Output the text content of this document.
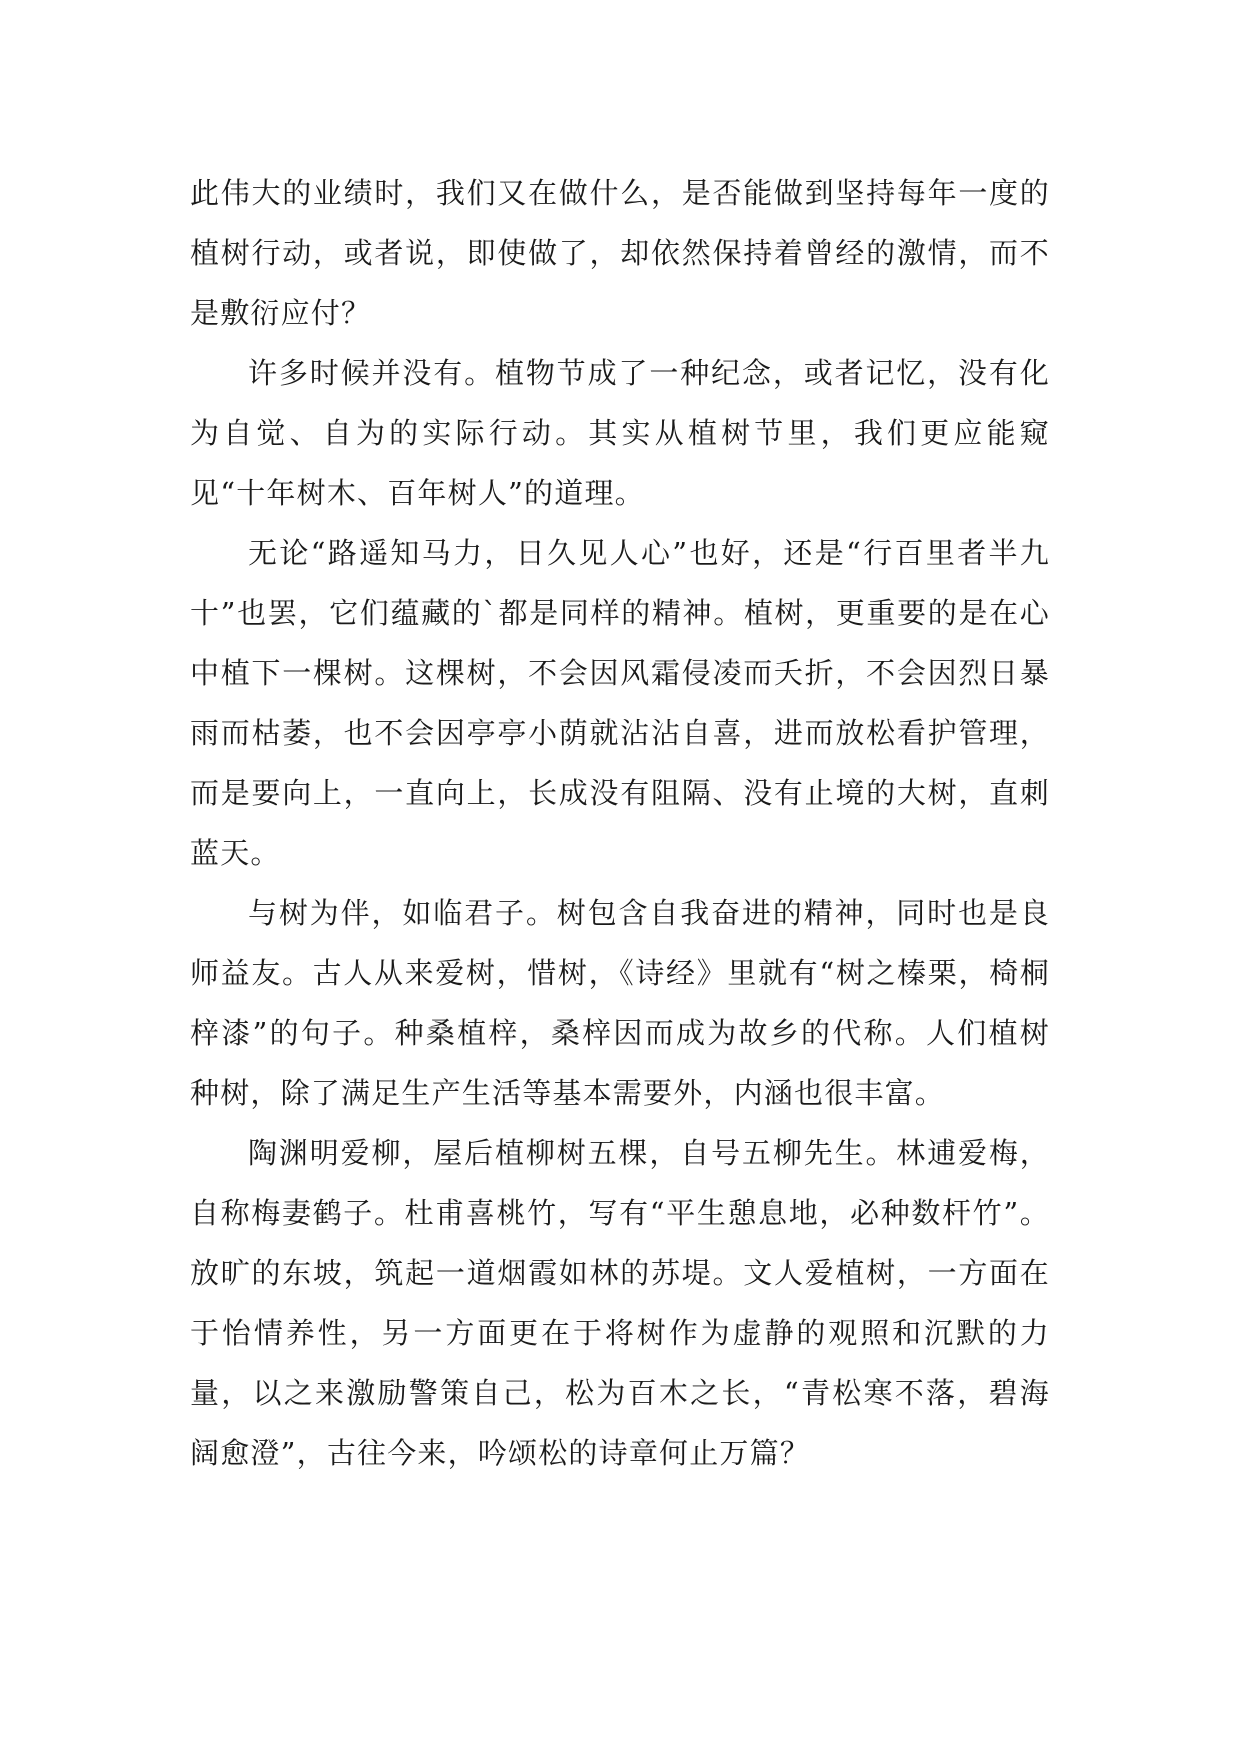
此伟大的业绩时，我们又在做什么，是否能做到坚持每年一度的植树行动，或者说，即使做了，却依然保持着曾经的激情，而不是敷衍应付？

许多时候并没有。植物节成了一种纪念，或者记忆，没有化为自觉、自为的实际行动。其实从植树节里，我们更应能窥见“十年树木、百年树人”的道理。

无论“路遥知马力，日久见人心”也好，还是“行百里者半九十”也罢，它们蕴藏的`都是同样的精神。植树，更重要的是在心中植下一棵树。这棵树，不会因风霜侵凌而夭折，不会因烈日暴雨而枯萎，也不会因亭亭小荫就沾沾自喜，进而放松看护管理，而是要向上，一直向上，长成没有阻隔、没有止境的大树，直刺蓝天。

与树为伴，如临君子。树包含自我奋进的精神，同时也是良师益友。古人从来爱树，惜树，《诗经》里就有“树之榛栗，椅桐梓漆”的句子。种桑植梓，桑梓因而成为故乡的代称。人们植树种树，除了满足生产生活等基本需要外，内涵也很丰富。

陶渊明爱柳，屋后植柳树五棵，自号五柳先生。林逋爱梅，自称梅妻鹤子。杜甫喜桃竹，写有“平生憩息地，必种数杆竹”。放旷的东坡，筑起一道烟霞如林的苏堤。文人爱植树，一方面在于怡情养性，另一方面更在于将树作为虚静的观照和沉默的力量，以之来激励警策自己，松为百木之长，“青松寒不落，碧海阔愈澄”，古往今来，吟颂松的诗章何止万篇？
